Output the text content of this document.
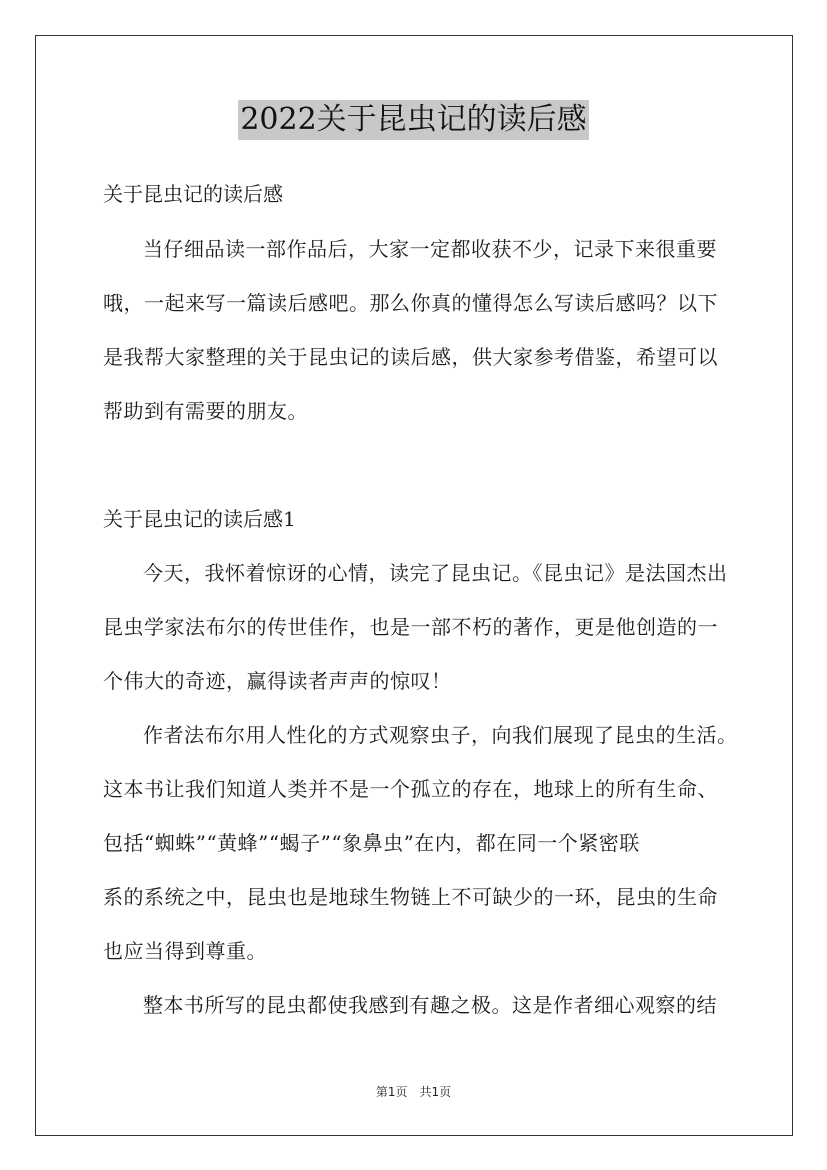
2022关于昆虫记的读后感
关于昆虫记的读后感
当仔细品读一部作品后，大家一定都收获不少，记录下来很重要
哦，一起来写一篇读后感吧。那么你真的懂得怎么写读后感吗？以下
是我帮大家整理的关于昆虫记的读后感，供大家参考借鉴，希望可以
帮助到有需要的朋友。
关于昆虫记的读后感1
今天，我怀着惊讶的心情，读完了昆虫记。《昆虫记》是法国杰出
昆虫学家法布尔的传世佳作，也是一部不朽的著作，更是他创造的一
个伟大的奇迹，赢得读者声声的惊叹！
作者法布尔用人性化的方式观察虫子，向我们展现了昆虫的生活。
这本书让我们知道人类并不是一个孤立的存在，地球上的所有生命、
包括“蜘蛛”“黄蜂”“蝎子”“象鼻虫”在内，都在同一个紧密联
系的系统之中，昆虫也是地球生物链上不可缺少的一环，昆虫的生命
也应当得到尊重。
整本书所写的昆虫都使我感到有趣之极。这是作者细心观察的结
第1页　共1页
